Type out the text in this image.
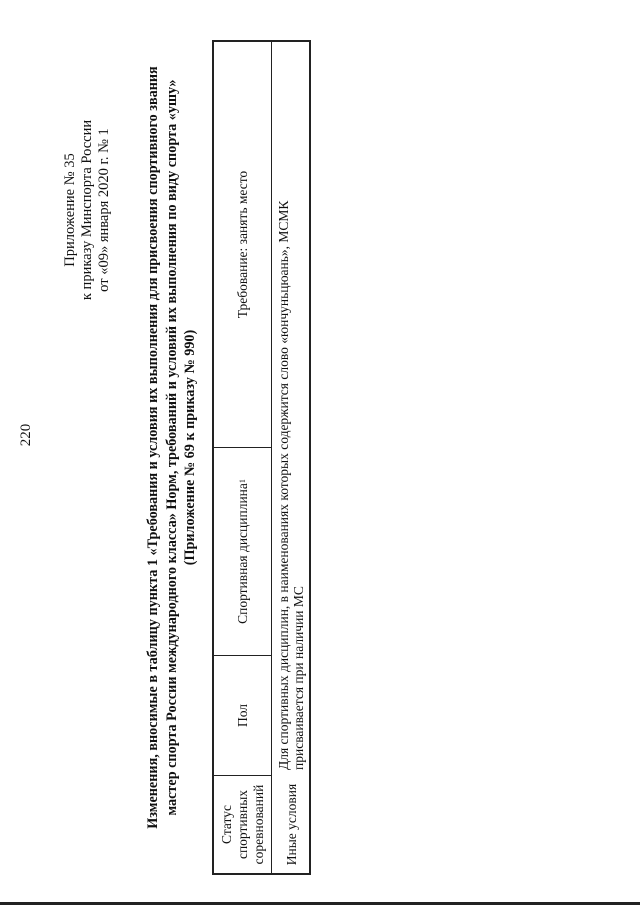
220
Приложение № 35 к приказу Минспорта России от «09» января 2020 г. № 1 Изменения, вносимые в таблицу пункта 1 «Требования и условия их выполнения для присвоения спортивного звания мастер спорта России международного класса» Норм, требований и условий их выполнения по виду спорта «ушу» (Приложение № 69 к приказу № 990)
Статус спортивных соревнований
Пол
Спортивная дисциплина
1
Требование: занять место
Иные условия
Для спортивных дисциплин, в наименованиях которых содержится слово «юнчуньцюань», МСМК присваивается при наличии МС
